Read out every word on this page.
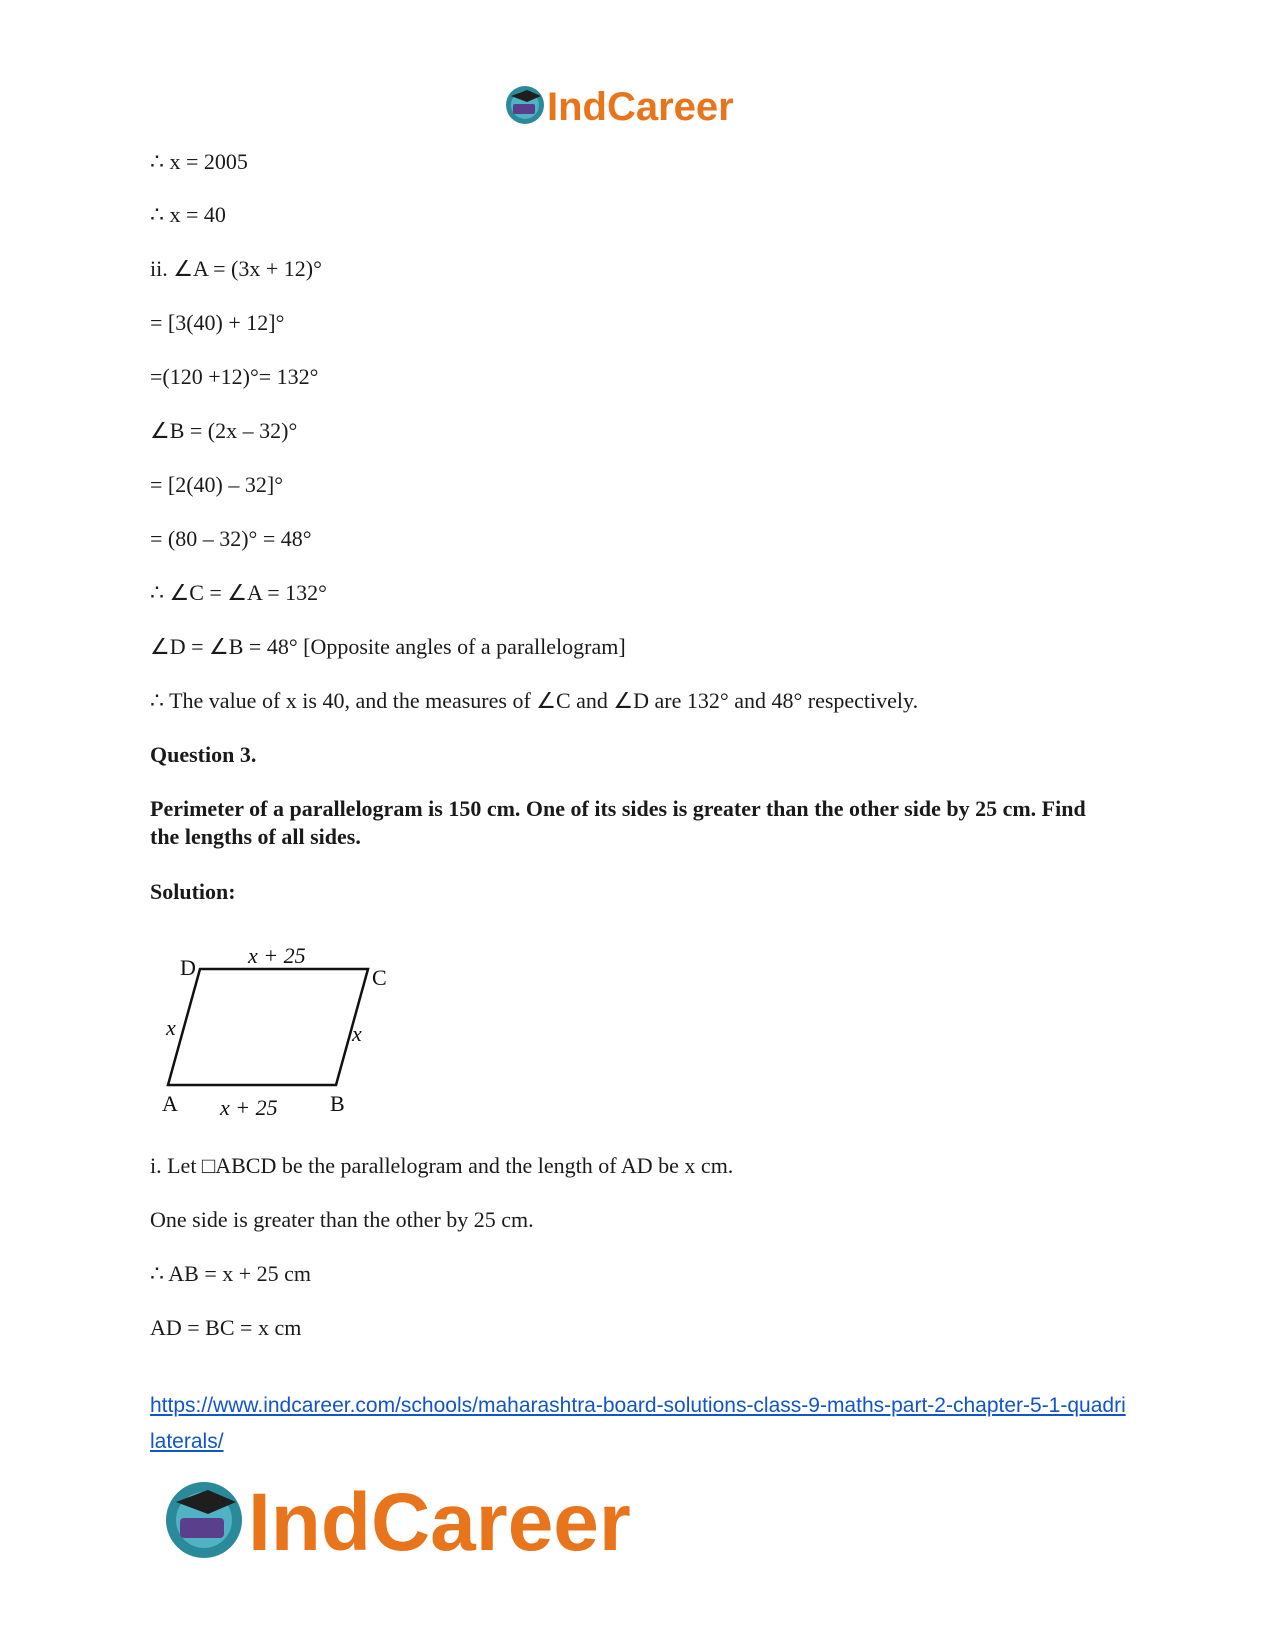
IndCareer
∴ x = 2005
∴ x = 40
ii. ∠A = (3x + 12)°
= [3(40) + 12]°
=(120 +12)°= 132°
∠B = (2x – 32)°
= [2(40) – 32]°
= (80 – 32)° = 48°
∴ ∠C = ∠A = 132°
∠D = ∠B = 48° [Opposite angles of a parallelogram]
∴ The value of x is 40, and the measures of ∠C and ∠D are 132° and 48° respectively.
Question 3.
Perimeter of a parallelogram is 150 cm. One of its sides is greater than the other side by 25 cm. Find the lengths of all sides.
Solution:
D	C
A	B
x + 25
x + 25
x	x
i. Let □ABCD be the parallelogram and the length of AD be x cm.
One side is greater than the other by 25 cm.
∴ AB = x + 25 cm
AD = BC = x cm
https://www.indcareer.com/schools/maharashtra-board-solutions-class-9-maths-part-2-chapter-5-1-quadrilaterals/
IndCareer
